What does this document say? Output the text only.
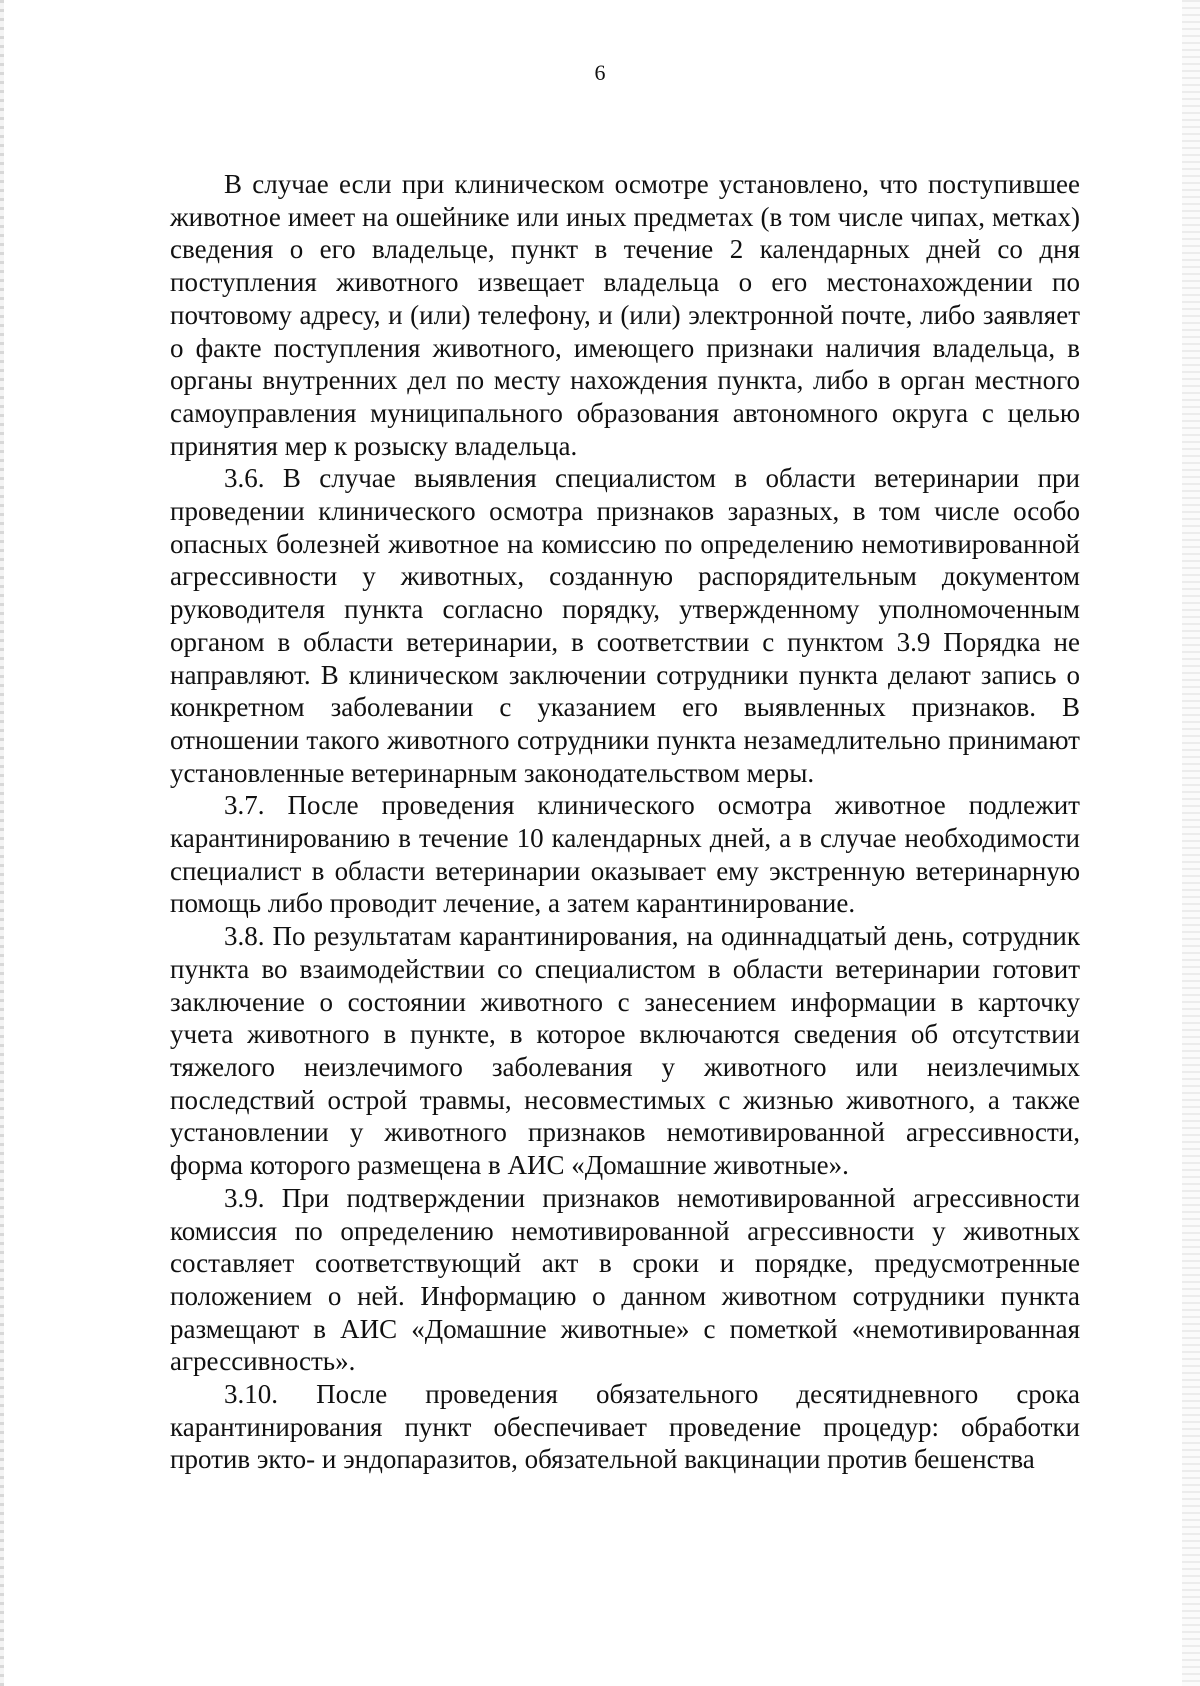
6

В случае если при клиническом осмотре установлено, что поступившее животное имеет на ошейнике или иных предметах (в том числе чипах, метках) сведения о его владельце, пункт в течение 2 календарных дней со дня поступления животного извещает владельца о его местонахождении по почтовому адресу, и (или) телефону, и (или) электронной почте, либо заявляет о факте поступления животного, имеющего признаки наличия владельца, в органы внутренних дел по месту нахождения пункта, либо в орган местного самоуправления муниципального образования автономного округа с целью принятия мер к розыску владельца.

3.6. В случае выявления специалистом в области ветеринарии при проведении клинического осмотра признаков заразных, в том числе особо опасных болезней животное на комиссию по определению немотивированной агрессивности у животных, созданную распорядительным документом руководителя пункта согласно порядку, утвержденному уполномоченным органом в области ветеринарии, в соответствии с пунктом 3.9 Порядка не направляют. В клиническом заключении сотрудники пункта делают запись о конкретном заболевании с указанием его выявленных признаков. В отношении такого животного сотрудники пункта незамедлительно принимают установленные ветеринарным законодательством меры.

3.7. После проведения клинического осмотра животное подлежит карантинированию в течение 10 календарных дней, а в случае необходимости специалист в области ветеринарии оказывает ему экстренную ветеринарную помощь либо проводит лечение, а затем карантинирование.

3.8. По результатам карантинирования, на одиннадцатый день, сотрудник пункта во взаимодействии со специалистом в области ветеринарии готовит заключение о состоянии животного с занесением информации в карточку учета животного в пункте, в которое включаются сведения об отсутствии тяжелого неизлечимого заболевания у животного или неизлечимых последствий острой травмы, несовместимых с жизнью животного, а также установлении у животного признаков немотивированной агрессивности, форма которого размещена в АИС «Домашние животные».

3.9. При подтверждении признаков немотивированной агрессивности комиссия по определению немотивированной агрессивности у животных составляет соответствующий акт в сроки и порядке, предусмотренные положением о ней. Информацию о данном животном сотрудники пункта размещают в АИС «Домашние животные» с пометкой «немотивированная агрессивность».

3.10. После проведения обязательного десятидневного срока карантинирования пункт обеспечивает проведение процедур: обработки против экто- и эндопаразитов, обязательной вакцинации против бешенства
